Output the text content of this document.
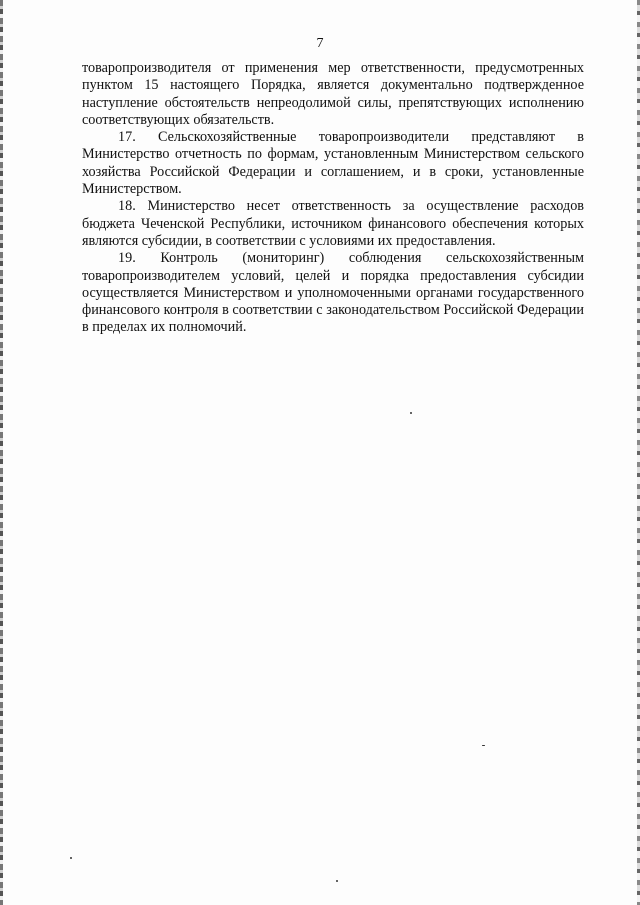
7

товаропроизводителя от применения мер ответственности, предусмотренных пунктом 15 настоящего Порядка, является документально подтвержденное наступление обстоятельств непреодолимой силы, препятствующих исполнению соответствующих обязательств.

17. Сельскохозяйственные товаропроизводители представляют в Министерство отчетность по формам, установленным Министерством сельского хозяйства Российской Федерации и соглашением, и в сроки, установленные Министерством.

18. Министерство несет ответственность за осуществление расходов бюджета Чеченской Республики, источником финансового обеспечения которых являются субсидии, в соответствии с условиями их предоставления.

19. Контроль (мониторинг) соблюдения сельскохозяйственным товаропроизводителем условий, целей и порядка предоставления субсидии осуществляется Министерством и уполномоченными органами государственного финансового контроля в соответствии с законодательством Российской Федерации в пределах их полномочий.
